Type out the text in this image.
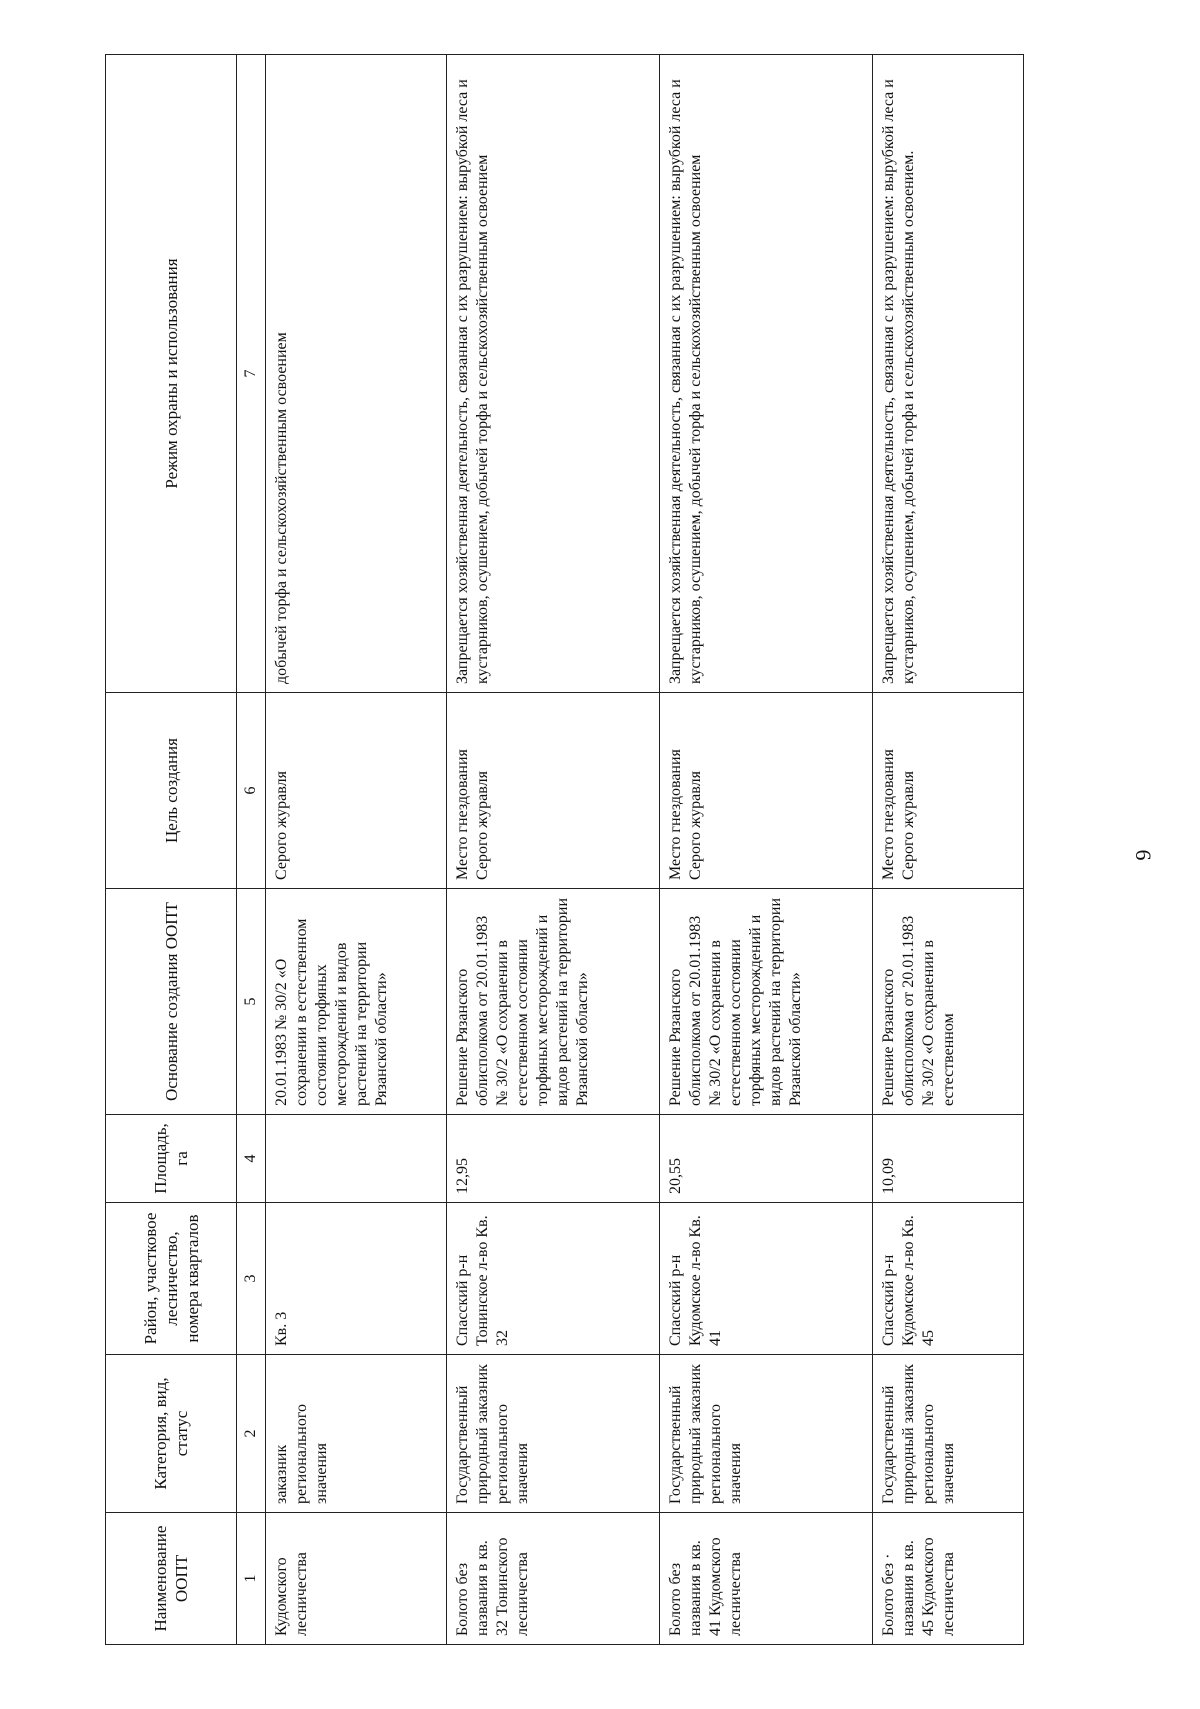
Наименование ООПТ	Категория, вид, статус	Район, участковое лесничество, номера кварталов	Площадь, га	Основание создания ООПТ	Цель создания	Режим охраны и использования
1	2	3	4	5	6	7
Кудомского лесничества	заказник регионального значения	Кв. 3		20.01.1983 № 30/2 «О сохранении в естественном состоянии торфяных месторождений и видов растений на территории Рязанской области»	Серого журавля	добычей торфа и сельскохозяйственным освоением
Болото без названия в кв. 32 Тонинского лесничества	Государственный природный заказник регионального значения	Спасский р-н Тонинское л-во Кв. 32	12,95	Решение Рязанского облисполкома от 20.01.1983 № 30/2 «О сохранении в естественном состоянии торфяных месторождений и видов растений на территории Рязанской области»	Место гнездования Серого журавля	Запрещается хозяйственная деятельность, связанная с их разрушением: вырубкой леса и кустарников, осушением, добычей торфа и сельскохозяйственным освоением
Болото без названия в кв. 41 Кудомского лесничества	Государственный природный заказник регионального значения	Спасский р-н Кудомское л-во Кв. 41	20,55	Решение Рязанского облисполкома от 20.01.1983 № 30/2 «О сохранении в естественном состоянии торфяных месторождений и видов растений на территории Рязанской области»	Место гнездования Серого журавля	Запрещается хозяйственная деятельность, связанная с их разрушением: вырубкой леса и кустарников, осушением, добычей торфа и сельскохозяйственным освоением
Болото без · названия в кв. 45 Кудомского лесничества	Государственный природный заказник регионального значения	Спасский р-н Кудомское л-во Кв. 45	10,09	Решение Рязанского облисполкома от 20.01.1983 № 30/2 «О сохранении в естественном	Место гнездования Серого журавля	Запрещается хозяйственная деятельность, связанная с их разрушением: вырубкой леса и кустарников, осушением, добычей торфа и сельскохозяйственным освоением.
6
